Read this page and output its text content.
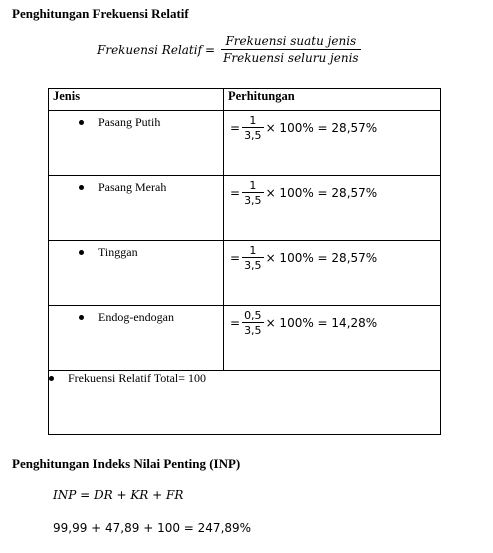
Penghitungan Frekuensi Relatif
Frekuensi Relatif = $\frac{\text{Frekuensi suatu jenis}}{\text{Frekuensi seluru jenis}}$
Jenis	Perhitungan
Pasang Putih	= $\frac{1}{3,5} \times 100\% = 28,57\%$

Pasang Merah	= $\frac{1}{3,5} \times 100\% = 28,57\%$

Tinggan	= $\frac{1}{3,5} \times 100\% = 28,57\%$

Endog-endogan	= $\frac{0,5}{3,5} \times 100\% = 14,28\%$

Frekuensi Relatif Total= 100	
Penghitungan Indeks Nilai Penting (INP)
INP = DR + KR + FR
99,99 + 47,89 + 100 = 247,89%
